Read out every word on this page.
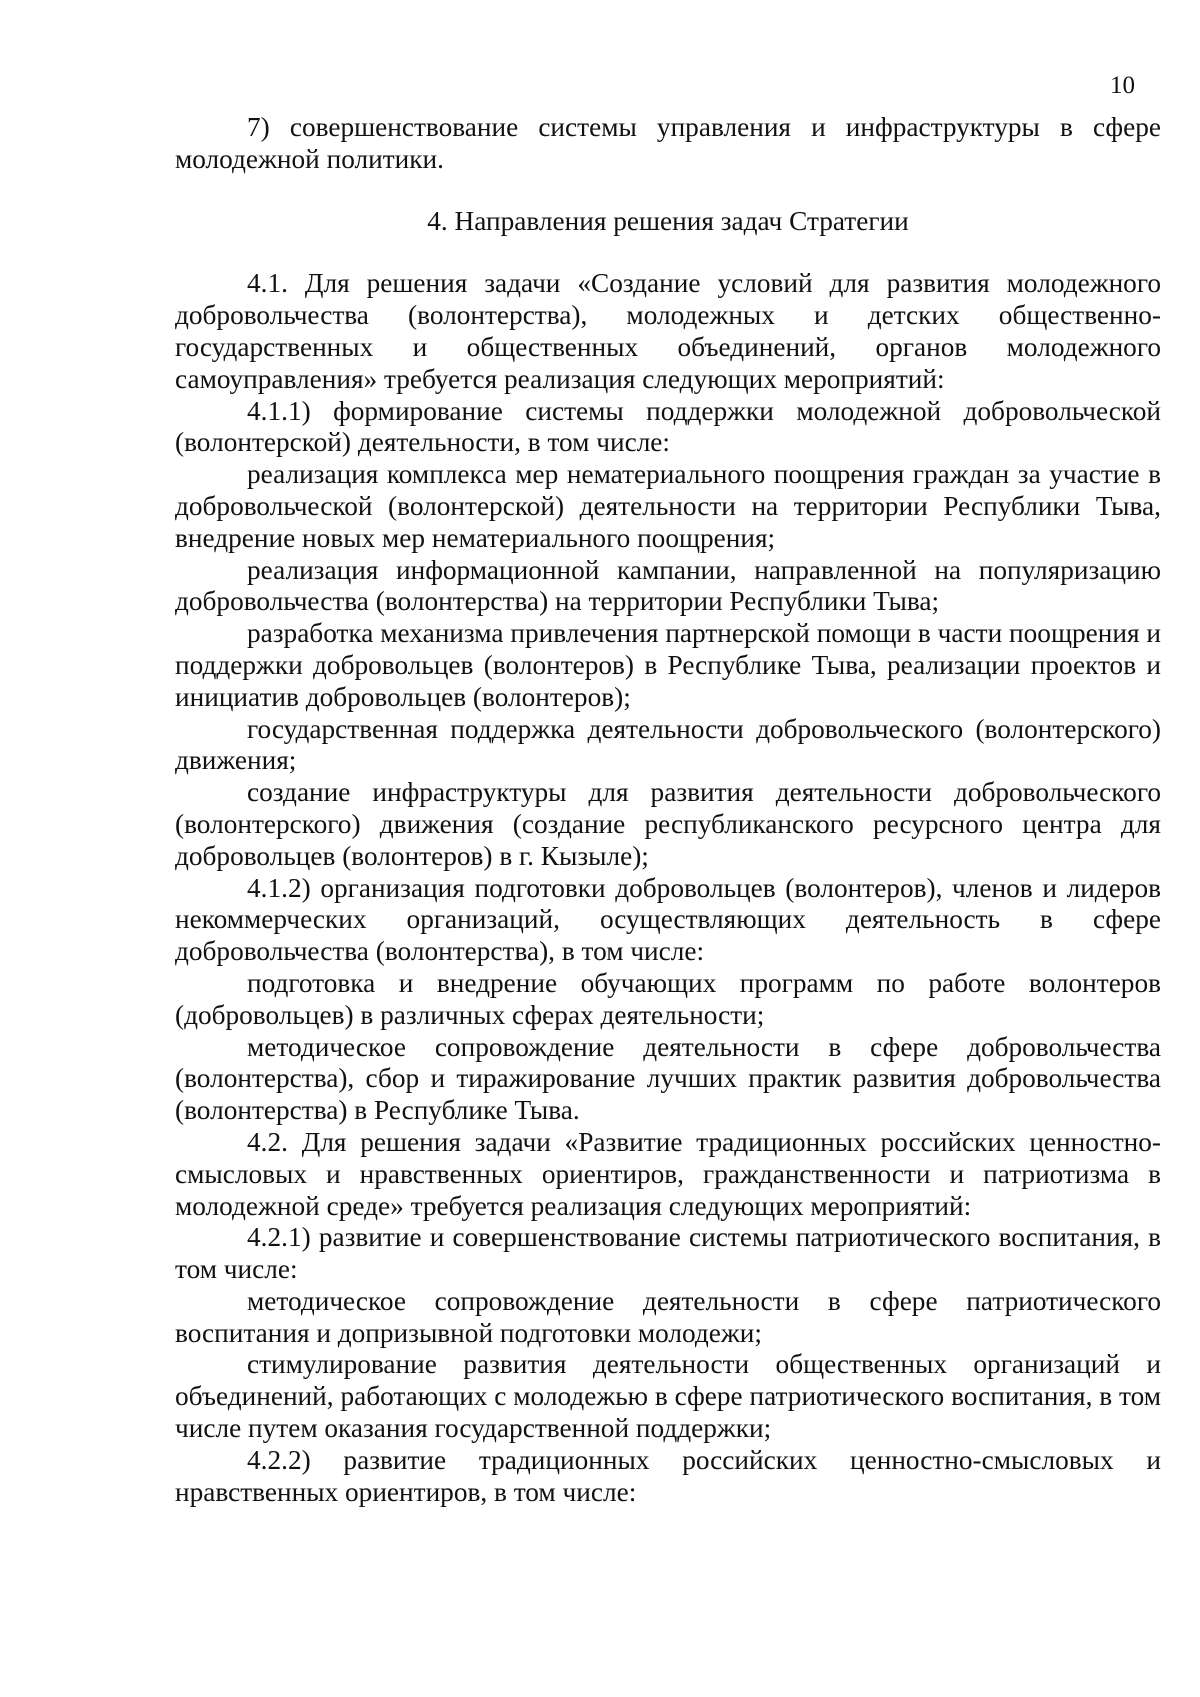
10

7) совершенствование системы управления и инфраструктуры в сфере молодежной политики.

4. Направления решения задач Стратегии

4.1. Для решения задачи «Создание условий для развития молодежного добровольчества (волонтерства), молодежных и детских общественно-государственных и общественных объединений, органов молодежного самоуправления» требуется реализация следующих мероприятий:

4.1.1) формирование системы поддержки молодежной добровольческой (волонтерской) деятельности, в том числе:

реализация комплекса мер нематериального поощрения граждан за участие в добровольческой (волонтерской) деятельности на территории Республики Тыва, внедрение новых мер нематериального поощрения;

реализация информационной кампании, направленной на популяризацию добровольчества (волонтерства) на территории Республики Тыва;

разработка механизма привлечения партнерской помощи в части поощрения и поддержки добровольцев (волонтеров) в Республике Тыва, реализации проектов и инициатив добровольцев (волонтеров);

государственная поддержка деятельности добровольческого (волонтерского) движения;

создание инфраструктуры для развития деятельности добровольческого (волонтерского) движения (создание республиканского ресурсного центра для добровольцев (волонтеров) в г. Кызыле);

4.1.2) организация подготовки добровольцев (волонтеров), членов и лидеров некоммерческих организаций, осуществляющих деятельность в сфере добровольчества (волонтерства), в том числе:

подготовка и внедрение обучающих программ по работе волонтеров (добровольцев) в различных сферах деятельности;

методическое сопровождение деятельности в сфере добровольчества (волонтерства), сбор и тиражирование лучших практик развития добровольчества (волонтерства) в Республике Тыва.

4.2. Для решения задачи «Развитие традиционных российских ценностно-смысловых и нравственных ориентиров, гражданственности и патриотизма в молодежной среде» требуется реализация следующих мероприятий:

4.2.1) развитие и совершенствование системы патриотического воспитания, в том числе:

методическое сопровождение деятельности в сфере патриотического воспитания и допризывной подготовки молодежи;

стимулирование развития деятельности общественных организаций и объединений, работающих с молодежью в сфере патриотического воспитания, в том числе путем оказания государственной поддержки;

4.2.2) развитие традиционных российских ценностно-смысловых и нравственных ориентиров, в том числе:
